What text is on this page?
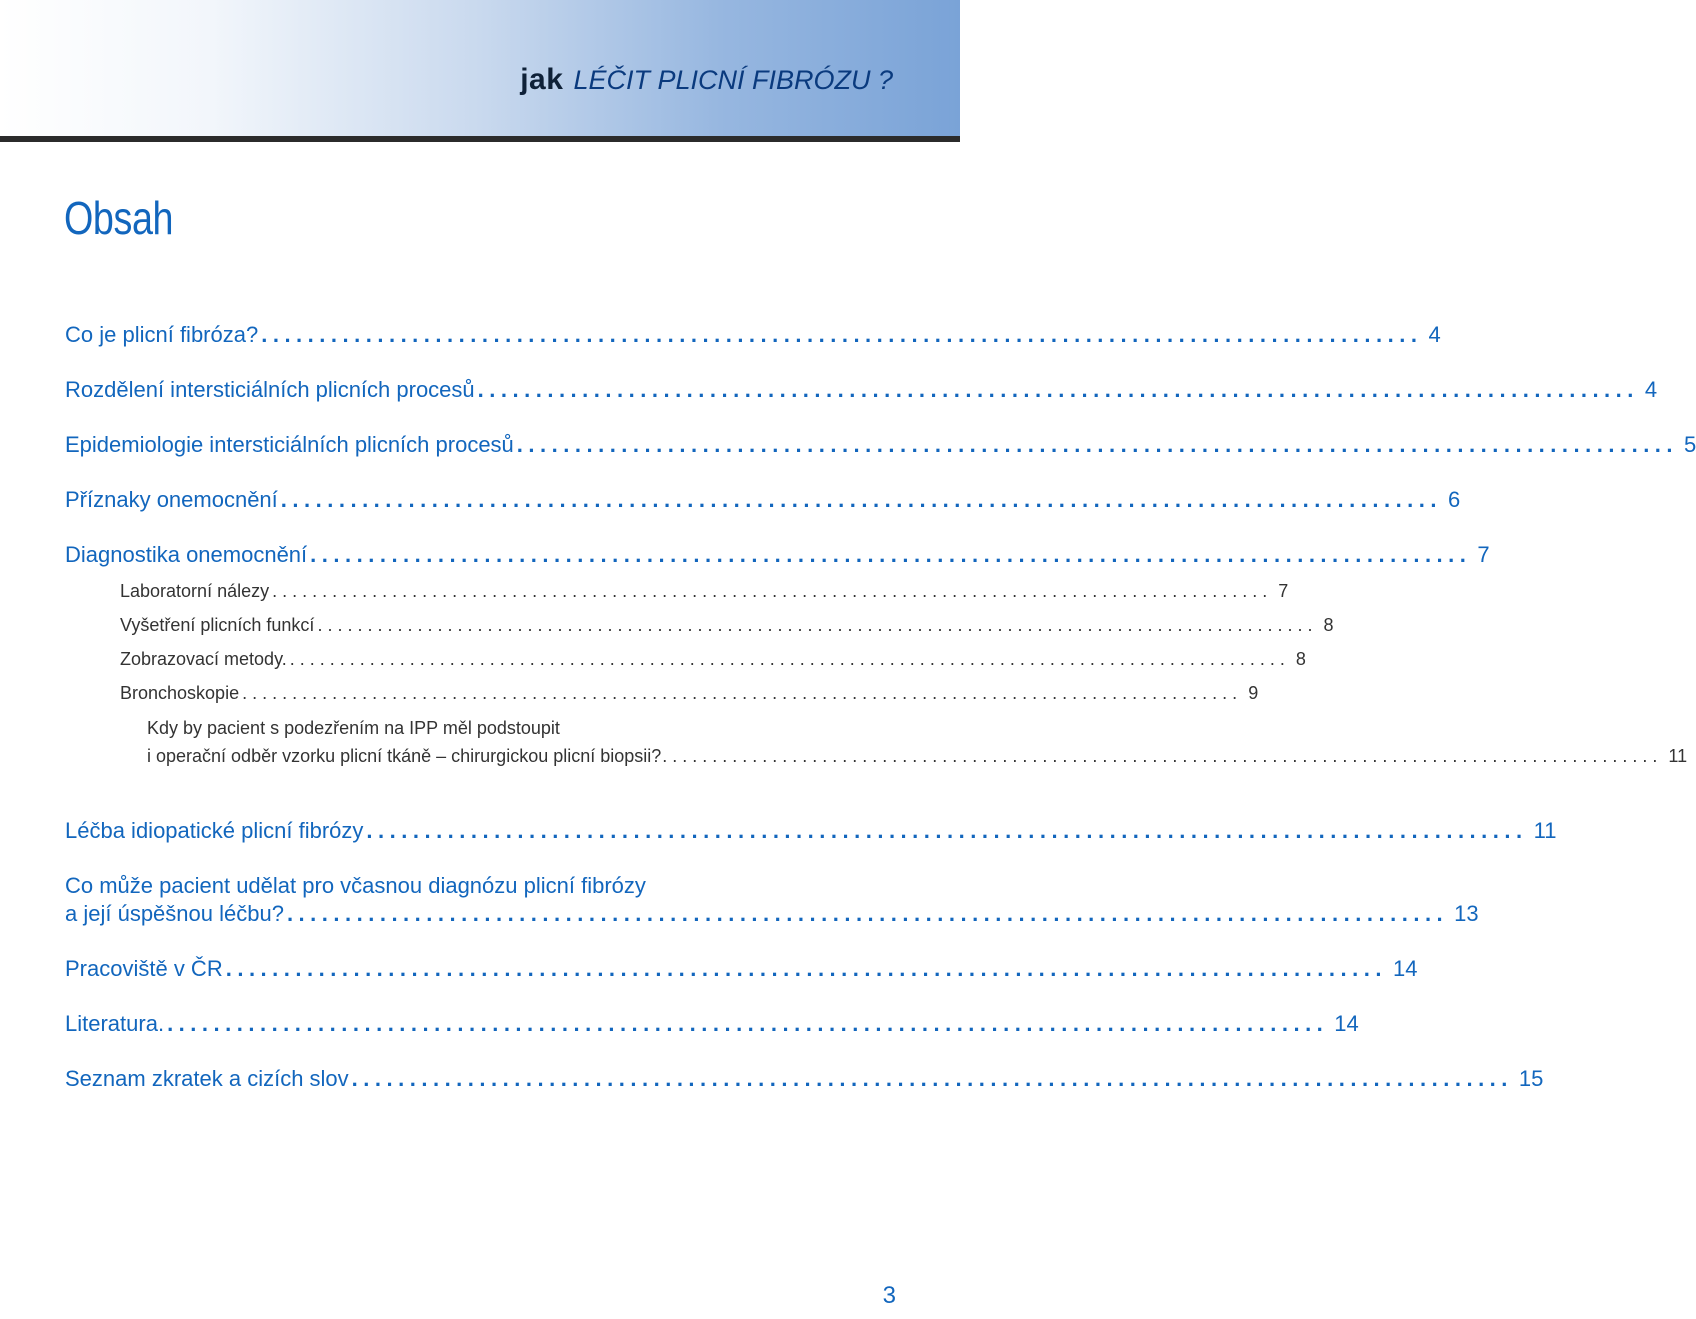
jak LÉČIT PLICNÍ FIBRÓZU ?
Obsah
Co je plicní fibróza? .................................................................................................... 4
Rozdělení intersticiálních plicních procesů .................................................................................................... 4
Epidemiologie intersticiálních plicních procesů .................................................................................................... 5
Příznaky onemocnění .................................................................................................... 6
Diagnostika onemocnění .................................................................................................... 7
Laboratorní nálezy .................................................................................................... 7
Vyšetření plicních funkcí .................................................................................................... 8
Zobrazovací metody. .................................................................................................... 8
Bronchoskopie .................................................................................................... 9
Kdy by pacient s podezřením na IPP měl podstoupit
i operační odběr vzorku plicní tkáně – chirurgickou plicní biopsii? .................................................................................................... 11
Léčba idiopatické plicní fibrózy .................................................................................................... 11
Co může pacient udělat pro včasnou diagnózu plicní fibrózy
a její úspěšnou léčbu? .................................................................................................... 13
Pracoviště v ČR .................................................................................................... 14
Literatura. .................................................................................................... 14
Seznam zkratek a cizích slov .................................................................................................... 15
3
